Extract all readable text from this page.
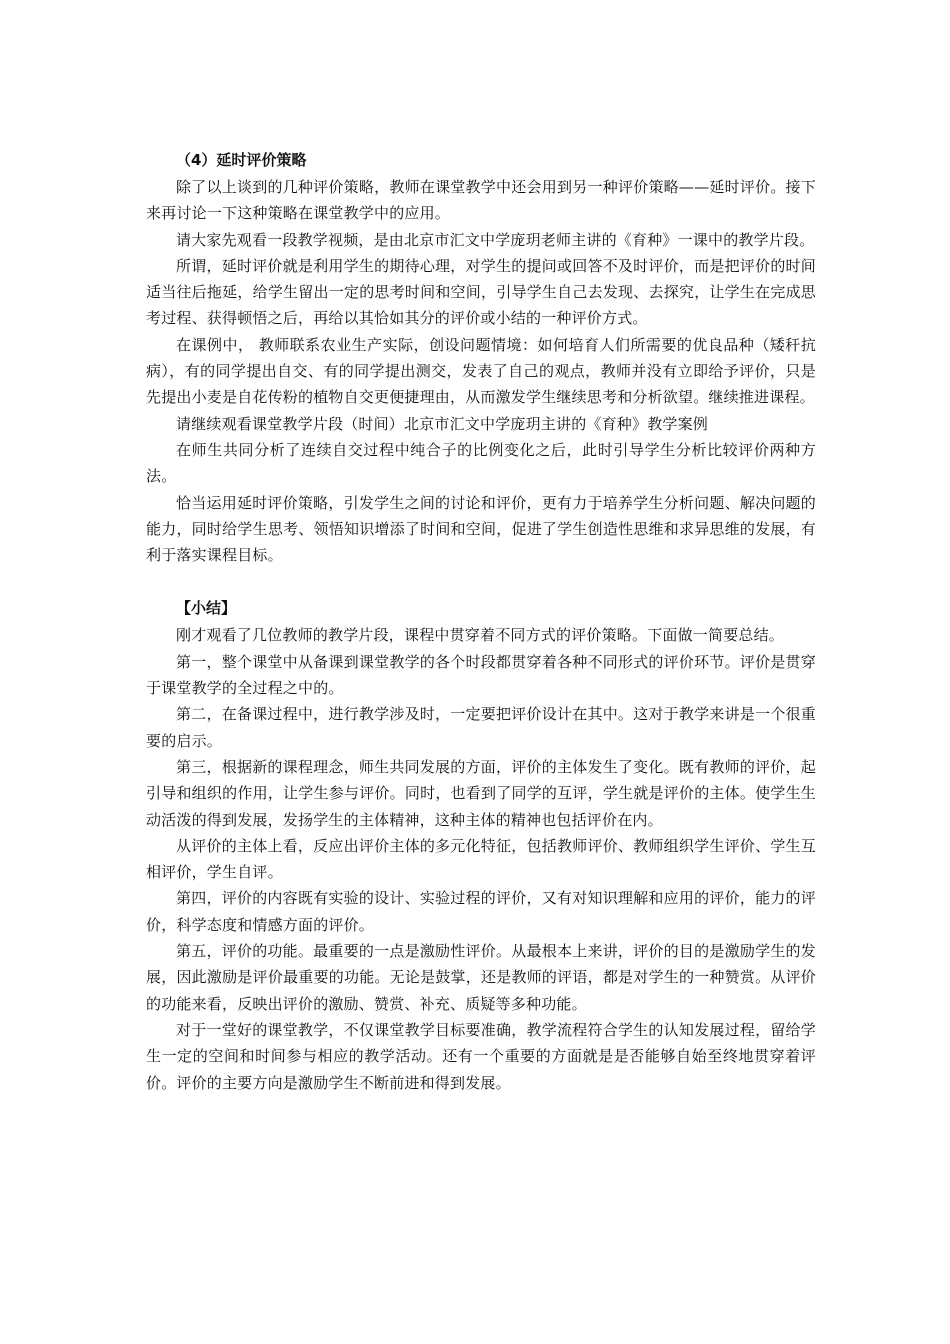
（4）延时评价策略

除了以上谈到的几种评价策略，教师在课堂教学中还会用到另一种评价策略——延时评价。接下来再讨论一下这种策略在课堂教学中的应用。

请大家先观看一段教学视频，是由北京市汇文中学庞玥老师主讲的《育种》一课中的教学片段。

所谓，延时评价就是利用学生的期待心理，对学生的提问或回答不及时评价，而是把评价的时间适当往后拖延，给学生留出一定的思考时间和空间，引导学生自己去发现、去探究，让学生在完成思考过程、获得顿悟之后，再给以其恰如其分的评价或小结的一种评价方式。

在课例中， 教师联系农业生产实际，创设问题情境：如何培育人们所需要的优良品种（矮秆抗病），有的同学提出自交、有的同学提出测交，发表了自己的观点，教师并没有立即给予评价，只是先提出小麦是自花传粉的植物自交更便捷理由，从而激发学生继续思考和分析欲望。继续推进课程。

请继续观看课堂教学片段（时间）北京市汇文中学庞玥主讲的《育种》教学案例

在师生共同分析了连续自交过程中纯合子的比例变化之后，此时引导学生分析比较评价两种方法。

恰当运用延时评价策略，引发学生之间的讨论和评价，更有力于培养学生分析问题、解决问题的能力，同时给学生思考、领悟知识增添了时间和空间，促进了学生创造性思维和求异思维的发展，有利于落实课程目标。

【小结】

刚才观看了几位教师的教学片段，课程中贯穿着不同方式的评价策略。下面做一简要总结。

第一，整个课堂中从备课到课堂教学的各个时段都贯穿着各种不同形式的评价环节。评价是贯穿于课堂教学的全过程之中的。

第二，在备课过程中，进行教学涉及时，一定要把评价设计在其中。这对于教学来讲是一个很重要的启示。

第三，根据新的课程理念，师生共同发展的方面，评价的主体发生了变化。既有教师的评价，起引导和组织的作用，让学生参与评价。同时，也看到了同学的互评，学生就是评价的主体。使学生生动活泼的得到发展，发扬学生的主体精神，这种主体的精神也包括评价在内。

从评价的主体上看，反应出评价主体的多元化特征，包括教师评价、教师组织学生评价、学生互相评价，学生自评。

第四，评价的内容既有实验的设计、实验过程的评价，又有对知识理解和应用的评价，能力的评价，科学态度和情感方面的评价。

第五，评价的功能。最重要的一点是激励性评价。从最根本上来讲，评价的目的是激励学生的发展，因此激励是评价最重要的功能。无论是鼓掌，还是教师的评语，都是对学生的一种赞赏。从评价的功能来看，反映出评价的激励、赞赏、补充、质疑等多种功能。

对于一堂好的课堂教学，不仅课堂教学目标要准确，教学流程符合学生的认知发展过程，留给学生一定的空间和时间参与相应的教学活动。还有一个重要的方面就是是否能够自始至终地贯穿着评价。评价的主要方向是激励学生不断前进和得到发展。
